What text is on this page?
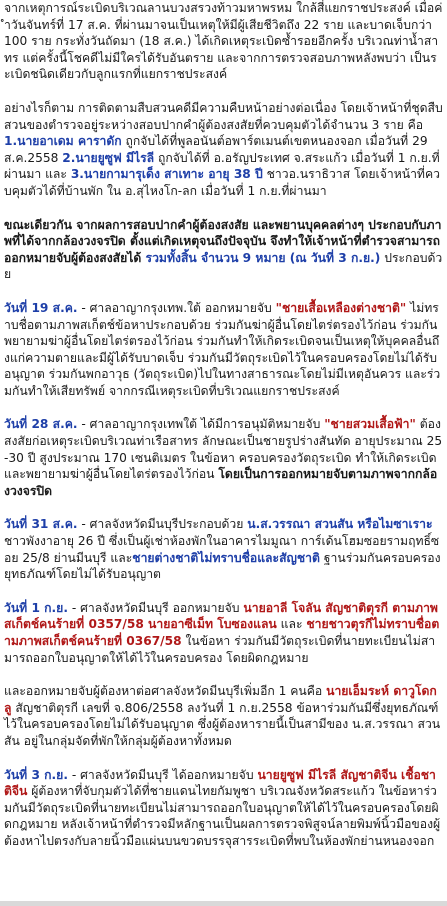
จากเหตุการณ์ระเบิดบริเวณลานบวงสรวงท้าวมหาพรหม ใกล้สี่แยกราชประสงค์ เมื่อค่ำวันจันทร์ที่ 17 ส.ค. ที่ผ่านมาจนเป็นเหตุให้มีผู้เสียชีวิตถึง 22 ราย และบาดเจ็บกว่า 100 ราย กระทั่งวันถัดมา (18 ส.ค.) ได้เกิดเหตุระเบิดซ้ำรอยอีกครั้ง บริเวณท่าน้ำสาทร แต่ครั้งนี้โชคดีไม่มีใครได้รับอันตราย และจากการตรวจสอบภาพหลังพบว่า เป็นระเบิดชนิดเดียวกับลูกแรกที่แยกราชประสงค์

อย่างไรก็ตาม การติดตามสืบสวนคดีมีความคืบหน้าอย่างต่อเนื่อง โดยเจ้าหน้าที่ชุดสืบสวนของตำรวจอยู่ระหว่างสอบปากคำผู้ต้องสงสัยที่ควบคุมตัวได้จำนวน 3 ราย คือ 1.นายอาเดม คาราดัก ถูกจับได้ที่พูลอนันต์อพาร์ตเมนต์เขตหนองจอก เมื่อวันที่ 29 ส.ค.2558 2.นายยูซูฟ มีไรลี ถูกจับได้ที่ อ.อรัญประเทศ จ.สระแก้ว เมื่อวันที่ 1 ก.ย.ที่ผ่านมา และ 3.นายกามารุเด็ง สาเทาะ อายุ 38 ปี ชาวอ.นราธิวาส โดยเจ้าหน้าที่ควบคุมตัวได้ที่บ้านพัก ใน อ.สุไหงโก-ลก เมื่อวันที่ 1 ก.ย.ที่ผ่านมา

ขณะเดียวกัน จากผลการสอบปากคำผู้ต้องสงสัย และพยานบุคคลต่างๆ ประกอบกับภาพที่ได้จากกล้องวงจรปิด ตั้งแต่เกิดเหตุจนถึงปัจจุบัน จึงทำให้เจ้าหน้าที่ตำรวจสามารถออกหมายจับผู้ต้องสงสัยได้ รวมทั้งสิ้น จำนวน 9 หมาย (ณ วันที่ 3 ก.ย.) ประกอบด้วย

วันที่ 19 ส.ค. - ศาลอาญากรุงเทพ.ใต้ ออกหมายจับ "ชายเสื้อเหลืองต่างชาติ" ไม่ทราบชื่อตามภาพสเก็ตช์ข้อหาประกอบด้วย ร่วมกันฆ่าผู้อื่นโดยไตร่ตรองไว้ก่อน ร่วมกันพยายามฆ่าผู้อื่นโดยไตร่ตรองไว้ก่อน ร่วมกันทำให้เกิดระเบิดจนเป็นเหตุให้บุคคลอื่นถึงแก่ความตายและมีผู้ได้รับบาดเจ็บ ร่วมกันมีวัตถุระเบิดไว้ในครอบครองโดยไม่ได้รับอนุญาต ร่วมกันพกอาวุธ (วัตถุระเบิด)ไปในทางสาธารณะโดยไม่มีเหตุอันควร และร่วมกันทำให้เสียทรัพย์ จากกรณีเหตุระเบิดที่บริเวณแยกราชประสงค์

วันที่ 28 ส.ค. - ศาลอาญากรุงเทพใต้ ได้มีการอนุมัติหมายจับ "ชายสวมเสื้อฟ้า" ต้องสงสัยก่อเหตุระเบิดบริเวณท่าเรือสาทร ลักษณะเป็นชายรูปร่างสันทัด อายุประมาณ 25-30 ปี สูงประมาณ 170 เซนติเมตร ในข้อหา ครอบครองวัตถุระเบิด ทำให้เกิดระเบิด และพยายามฆ่าผู้อื่นโดยไตร่ตรองไว้ก่อน โดยเป็นการออกหมายจับตามภาพจากกล้องวงจรปิด

วันที่ 31 ส.ค. - ศาลจังหวัดมีนบุรีประกอบด้วย น.ส.วรรณา สวนสัน หรือไมซาเราะ ชาวพังงาอายุ 26 ปี ซึ่งเป็นผู้เช่าห้องพักในอาคารไมมูณา การ์เด้นโฮมซอยรามฤทธิ์ซอย 25/8 ย่านมีนบุรี และชายต่างชาติไม่ทราบชื่อและสัญชาติ ฐานร่วมกันครอบครองยุทธภัณฑ์โดยไม่ได้รับอนุญาต

วันที่ 1 ก.ย. - ศาลจังหวัดมีนบุรี ออกหมายจับ นายอาลี โจลัน สัญชาติตุรกี ตามภาพสเก็ตช์คนร้ายที่ 0357/58 นายอาซีเม็ท โบซองแลน และ ชายชาวตุรกีไม่ทราบชื่อตามภาพสเก็ตช์คนร้ายที่ 0367/58 ในข้อหา ร่วมกันมีวัตถุระเบิดที่นายทะเบียนไม่สามารถออกใบอนุญาตให้ได้ไว้ในครอบครอง โดยผิดกฎหมาย

และออกหมายจับผู้ต้องหาต่อศาลจังหวัดมีนบุรีเพิ่มอีก 1 คนคือ นายเอ็มระห์ ดาวูโดกลู สัญชาติตุรกี เลขที่ จ.806/2558 ลงวันที่ 1 ก.ย.2558 ข้อหาร่วมกันมีซึ่งยุทธภัณฑ์ไว้ในครอบครองโดยไม่ได้รับอนุญาต ซึ่งผู้ต้องหารายนี้เป็นสามีของ น.ส.วรรณา สวนสัน อยู่ในกลุ่มจัดที่พักให้กลุ่มผู้ต้องหาทั้งหมด

วันที่ 3 ก.ย. - ศาลจังหวัดมีนบุรี ได้ออกหมายจับ นายยูซูฟ มีไรลี สัญชาติจีน เชื้อชาติจีน ผู้ต้องหาที่จับกุมตัวได้ที่ชายแดนไทยกัมพูชา บริเวณจังหวัดสระแก้ว ในข้อหาร่วมกันมีวัตถุระเบิดที่นายทะเบียนไม่สามารถออกใบอนุญาตให้ได้ไว้ในครอบครองโดยผิดกฎหมาย หลังเจ้าหน้าที่ตำรวจมีหลักฐานเป็นผลการตรวจพิสูจน์ลายพิมพ์นิ้วมือของผู้ต้องหาไปตรงกับลายนิ้วมือแผ่นบนขวดบรรจุสารระเบิดที่พบในห้องพักย่านหนองจอก
